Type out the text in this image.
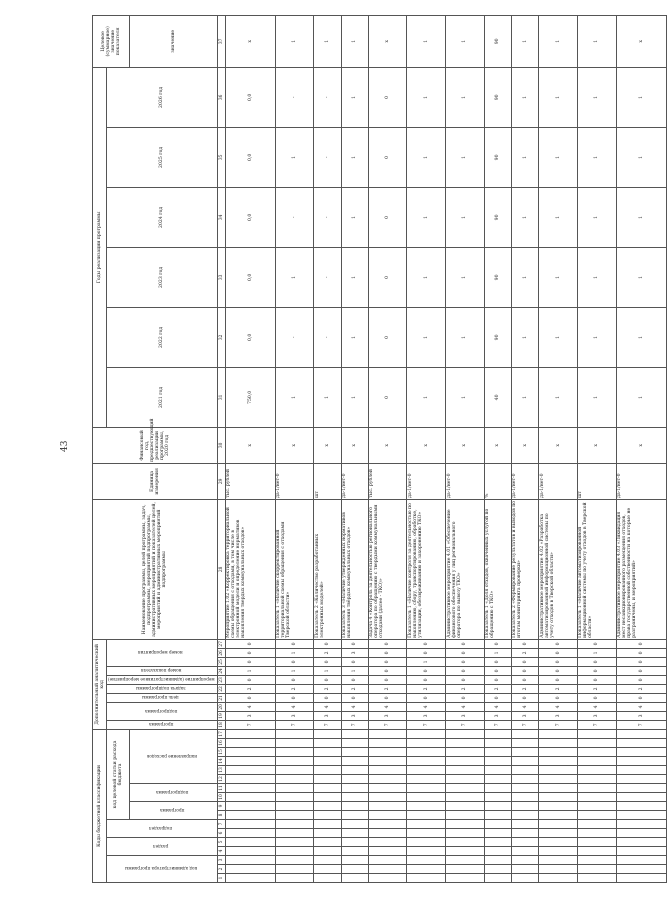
43
Коды бюджетной классификации																	Дополнительный аналитический код										Наименование программы, целей программы, задач, подпрограммы, мероприятий подпрограммы, административных мероприятий и показателей целей, мероприятий и административных мероприятий подпрограммы	Единица измерения	Финансовый год, предшествующий реализации программы, 2020 год	Годы реализации программы						Целевое (суммарное) значение показателя
код администратора программы			раздел		подраздел		код целевой статьи расхода бюджета										программа	подпрограмма		цель программы	задача подпрограммы	мероприятие (административное мероприятие)	номер показателя	номер мероприятия						2021 год	2022 год	2023 год	2024 год	2025 год	2026 год	
							программа		подпрограмма		направление расходов																									значение
1	2	3	4	5	6	7	8	9	10	11	12	13	14	15	16	17	18	19	20	21	22	23	24	25	26	27	28	29	30	31	32	33	34	35	36	37
																	7	3	4	0	2	0	1	0	0	0	Мероприятие 1.02 «Корректировка территориальной схемы обращения с отходами, в том числе в электронной модели и определение нормативов накопления твердых коммунальных отходов»	тыс. рублей	х	750,0	0,0	0,0	0,0	0,0	0,0	х
																	7	3	4	0	2	0	1	0	1	0	Показатель 1 «Наличие скорректированной территориальной схемы обращения с отходами Тверской области»	да-1/нет-0	х	1	-	1	-	1	-	1
																	7	3	4	0	2	0	1	0	2	0	Показатель 2 «Количество разработанных электронных моделей»	шт	х	1	-	-	-	-	-	1
																	7	3	4	0	2	0	1	0	3	0	Показатель 3 «Наличие утвержденных нормативов накопления твёрдых коммунальных отходов»	да-1/нет-0	х	1	1	1	1	1	1	1
																	7	3	4	0	2	0	0	0	0	0	Задача 4 «Контроль за деятельностью регионального оператора по обращению с твердыми коммунальными отходами (далее - ТКО)»	тыс. рублей	х	0	0	0	0	0	0	х
																	7	3	4	0	2	0	0	1	0	0	Показатель 1 «Наличие контроля за деятельностью по накоплению, сбору, транспортированию, обработке, утилизации, обезвреживанию и захоронению ТКО»	да-1/нет-0	х	1	1	1	1	1	1	1
																	7	3	4	0	2	0	0	0	0	0	Административное мероприятие 4.01 «Обеспечение финансового обеспечения у лиц регионального оператора по вывозу ТКО»	да-1/нет-0	х	1	1	1	1	1	1	1
																	7	3	4	0	2	0	0	0	1	0	Показатель 1 «Доля отходов, охваченных услугой по обращению с ТКО»	%	х	40	90	90	90	90	90	90
																	7	3	4	0	2	0	0	0	2	0	Показатель 2 «Формирование результатов и выводов по итогам мониторинга проверки»	да-1/нет-0	х	1	1	1	1	1	1	1
																	7	3	4	0	2	0	0	0	0	0	Административное мероприятие 4.02 «Разработка автоматизированной информационной системы по учету отходов в Тверской области»	да-1/нет-0	х	1	1	1	1	1	1	1
																	7	3	4	0	2	0	0	0	1	0	Показатель 1 «Наличие автоматизированной информационной системы по учету отходов в Тверской области»	шт	х	1	1	1	1	1	1	1
																	7	3	4	0	2	0	0	0	0	0	Административное мероприятие 4.03 «Ликвидация мест несанкционированного размещения отходов, права государственной собственности на которые не разграничены, и мероприятий»	да-1/нет-0	х	1	1	1	1	1	1	х
